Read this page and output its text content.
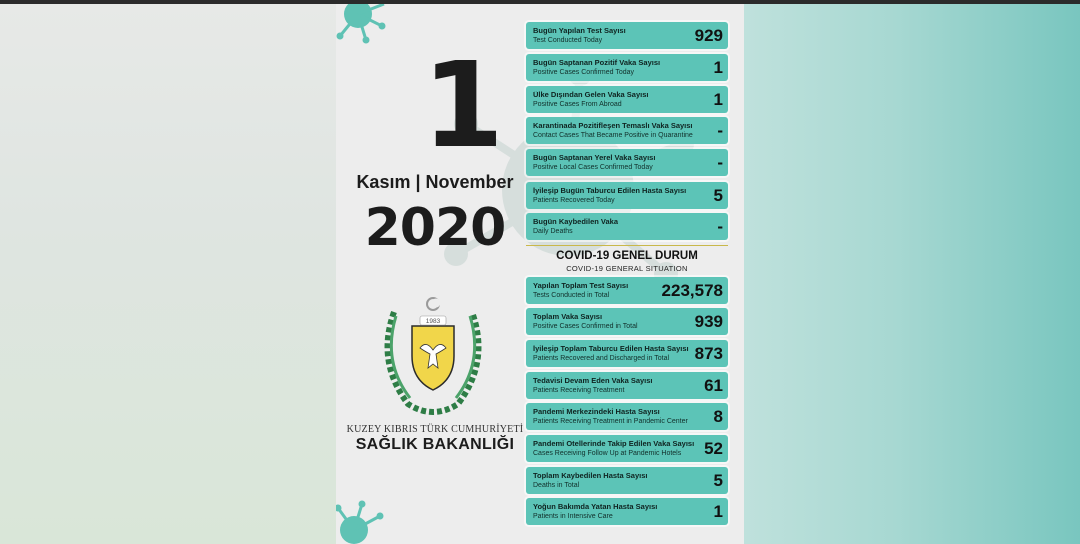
1
Kasım | November
2020
1983
KUZEY KIBRIS TÜRK CUMHURİYETİ
SAĞLIK BAKANLIĞI
Bugün Yapılan Test Sayısı
Test Conducted Today	929
Bugün Saptanan Pozitif Vaka Sayısı
Positive Cases Confirmed Today	1
Ülke Dışından Gelen Vaka Sayısı
Positive Cases From Abroad	1
Karantinada Pozitifleşen Temaslı Vaka Sayısı
Contact Cases That Became Positive in Quarantine -
Bugün Saptanan Yerel Vaka Sayısı
Positive Local Cases Confirmed Today	-
İyileşip Bugün Taburcu Edilen Hasta Sayısı
Patients Recovered Today	5
Bugün Kaybedilen Vaka
Daily Deaths	-
COVID-19 GENEL DURUM
COVID-19 GENERAL SITUATION
Yapılan Toplam Test Sayısı
Tests Conducted in Total	223,578
Toplam Vaka Sayısı
Positive Cases Confirmed in Total	939
İyileşip Toplam Taburcu Edilen Hasta Sayısı
Patients Recovered and Discharged in Total	873
Tedavisi Devam Eden Vaka Sayısı
Patients Receiving Treatment	61
Pandemi Merkezindeki Hasta Sayısı
Patients Receiving Treatment in Pandemic Center 8
Pandemi Otellerinde Takip Edilen Vaka Sayısı
Cases Receiving Follow Up at Pandemic Hotels	52
Toplam Kaybedilen Hasta Sayısı
Deaths in Total	5
Yoğun Bakımda Yatan Hasta Sayısı
Patients in Intensive Care	1
